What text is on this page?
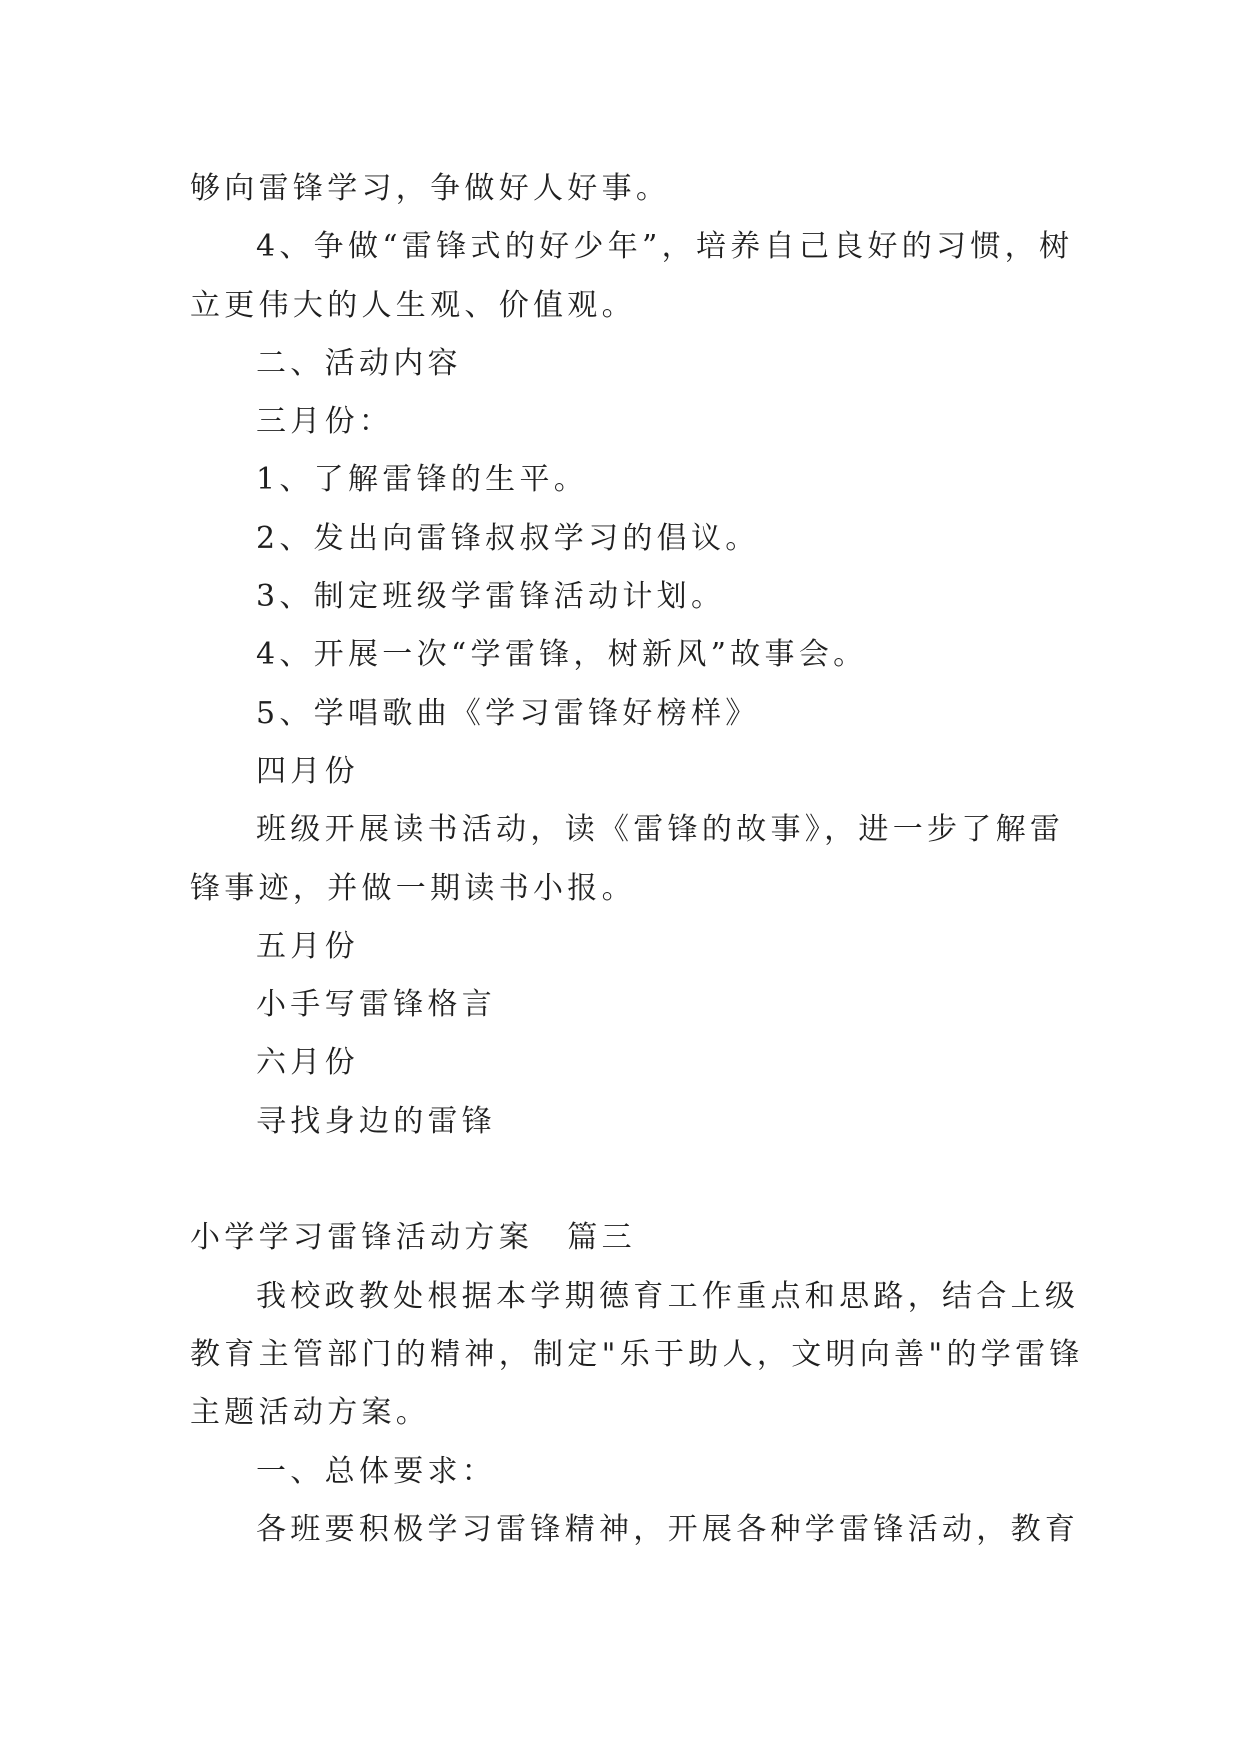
够向雷锋学习，争做好人好事。
4、争做“雷锋式的好少年”，培养自己良好的习惯，树
立更伟大的人生观、价值观。
二、活动内容
三月份：
1、了解雷锋的生平。
2、发出向雷锋叔叔学习的倡议。
3、制定班级学雷锋活动计划。
4、开展一次“学雷锋，树新风”故事会。
5、学唱歌曲《学习雷锋好榜样》
四月份
班级开展读书活动，读《雷锋的故事》，进一步了解雷
锋事迹，并做一期读书小报。
五月份
小手写雷锋格言
六月份
寻找身边的雷锋
小学学习雷锋活动方案　篇三
我校政教处根据本学期德育工作重点和思路，结合上级
教育主管部门的精神，制定"乐于助人，文明向善"的学雷锋
主题活动方案。
一、总体要求：
各班要积极学习雷锋精神，开展各种学雷锋活动，教育
